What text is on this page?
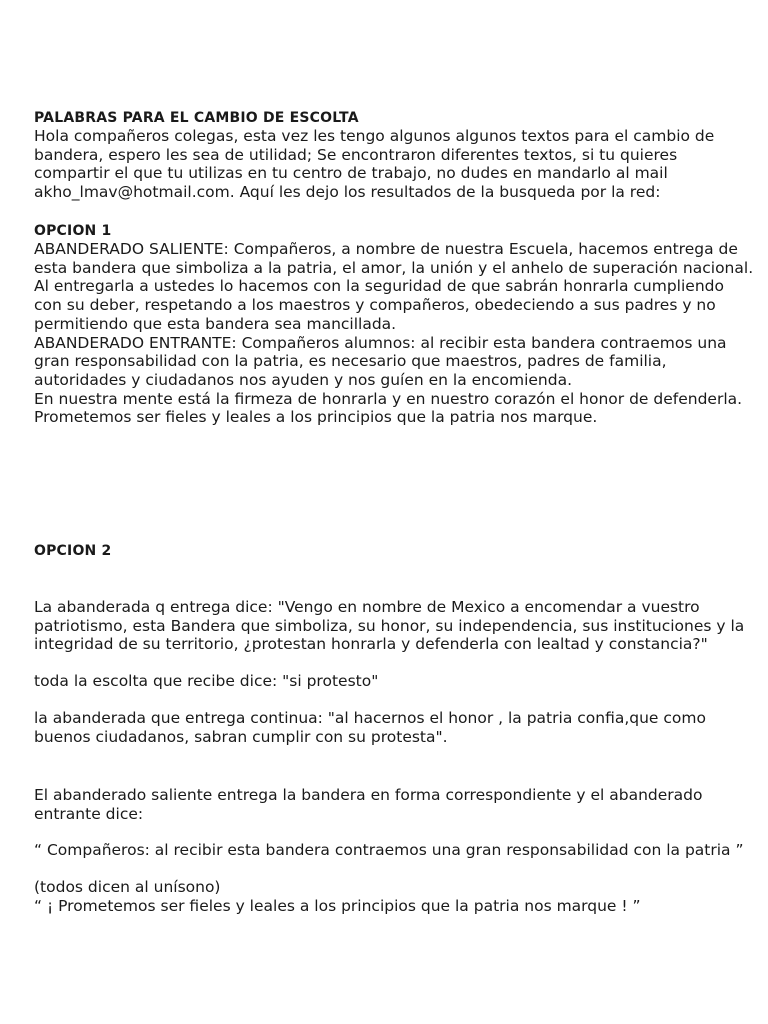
PALABRAS PARA EL CAMBIO DE ESCOLTA

Hola compañeros colegas, esta vez les tengo algunos algunos textos para el cambio de bandera, espero les sea de utilidad; Se encontraron diferentes textos, si tu quieres compartir el que tu utilizas en tu centro de trabajo, no dudes en mandarlo al mail akho_lmav@hotmail.com. Aquí les dejo los resultados de la busqueda por la red:

OPCION 1

ABANDERADO SALIENTE: Compañeros, a nombre de nuestra Escuela, hacemos entrega de esta bandera que simboliza a la patria, el amor, la unión y el anhelo de superación nacional. Al entregarla a ustedes lo hacemos con la seguridad de que sabrán honrarla cumpliendo con su deber, respetando a los maestros y compañeros, obedeciendo a sus padres y no permitiendo que esta bandera sea mancillada.

ABANDERADO ENTRANTE: Compañeros alumnos: al recibir esta bandera contraemos una gran responsabilidad con la patria, es necesario que maestros, padres de familia, autoridades y ciudadanos nos ayuden y nos guíen en la encomienda.

En nuestra mente está la firmeza de honrarla y en nuestro corazón el honor de defenderla.

Prometemos ser fieles y leales a los principios que la patria nos marque.

OPCION 2

La abanderada q entrega dice: "Vengo en nombre de Mexico a encomendar a vuestro patriotismo, esta Bandera que simboliza, su honor, su independencia, sus instituciones y la integridad de su territorio, ¿protestan honrarla y defenderla con lealtad y constancia?"

toda la escolta que recibe dice: "si protesto"

la abanderada que entrega continua: "al hacernos el honor , la patria confia,que como buenos ciudadanos, sabran cumplir con su protesta".

El abanderado saliente entrega la bandera en forma correspondiente y el abanderado entrante dice:

“ Compañeros: al recibir esta bandera contraemos una gran responsabilidad con la patria ”

(todos dicen al unísono)

“ ¡ Prometemos ser fieles y leales a los principios que la patria nos marque ! ”
